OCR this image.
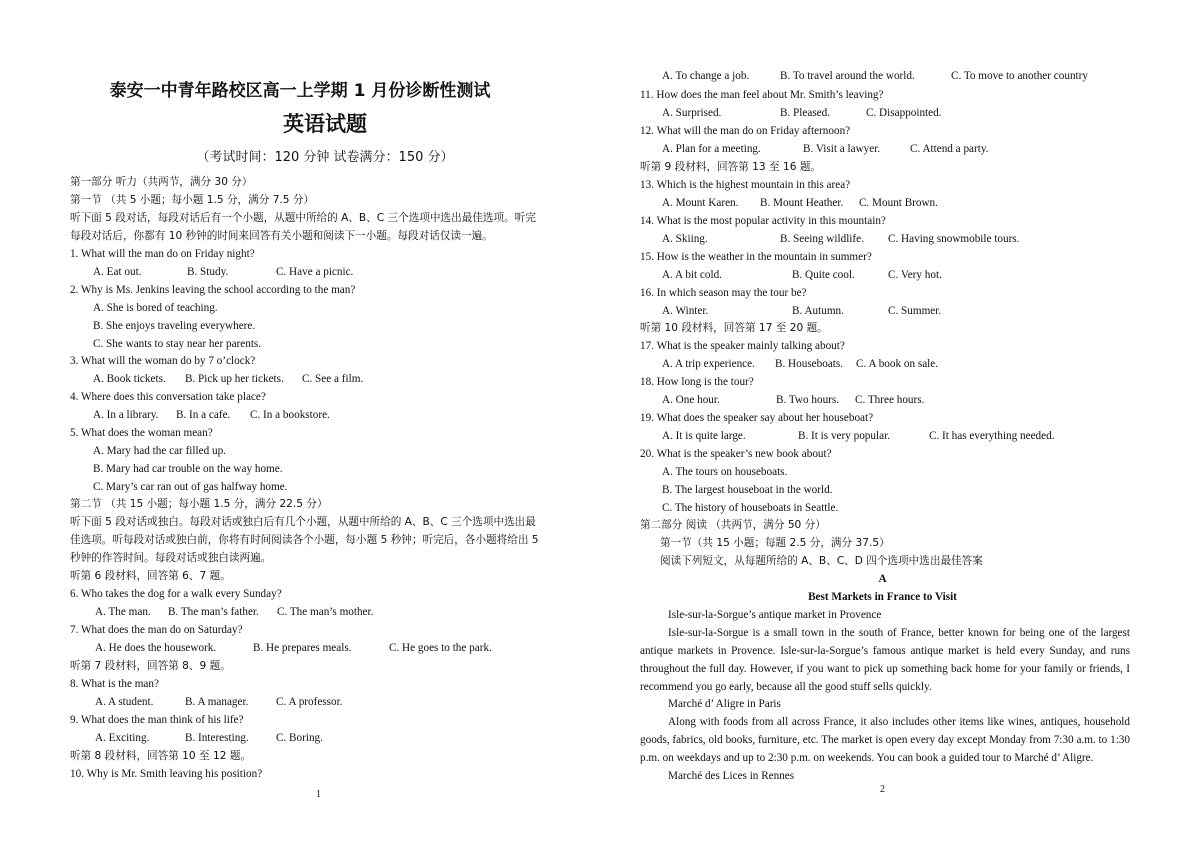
泰安一中青年路校区高一上学期 1 月份诊断性测试
英语试题
（考试时间：120 分钟 试卷满分：150 分）
第一部分 听力（共两节，满分 30 分）
第一节 （共 5 小题；每小题 1.5 分，满分 7.5 分）
听下面 5 段对话，每段对话后有一个小题，从题中所给的 A、B、C 三个选项中选出最佳选项。听完
每段对话后，你都有 10 秒钟的时间来回答有关小题和阅读下一小题。每段对话仅读一遍。
1. What will the man do on Friday night?
A. Eat out.	B. Study.	C. Have a picnic.
2. Why is Ms. Jenkins leaving the school according to the man?
A. She is bored of teaching.
B. She enjoys traveling everywhere.
C. She wants to stay near her parents.
3. What will the woman do by 7 o’clock?
A. Book tickets. B. Pick up her tickets. C. See a film.
4. Where does this conversation take place?
A. In a library. B. In a cafe. C. In a bookstore.
5. What does the woman mean?
A. Mary had the car filled up.
B. Mary had car trouble on the way home.
C. Mary’s car ran out of gas halfway home.
第二节 （共 15 小题；每小题 1.5 分，满分 22.5 分）
听下面 5 段对话或独白。每段对话或独白后有几个小题，从题中所给的 A、B、C 三个选项中选出最
佳选项。听每段对话或独白前，你将有时间阅读各个小题，每小题 5 秒钟；听完后，各小题将给出 5
秒钟的作答时间。每段对话或独白读两遍。
听第 6 段材料，回答第 6、7 题。
6. Who takes the dog for a walk every Sunday?
A. The man. B. The man’s father. C. The man’s mother.
7. What does the man do on Saturday?
A. He does the housework.	B. He prepares meals.	C. He goes to the park.
听第 7 段材料，回答第 8、9 题。
8. What is the man?
A. A student.	B. A manager. C. A professor.
9. What does the man think of his life?
A. Exciting.	B. Interesting. C. Boring.
听第 8 段材料，回答第 10 至 12 题。
10. Why is Mr. Smith leaving his position?
1
A. To change a job.	B. To travel around the world.	C. To move to another country
11. How does the man feel about Mr. Smith’s leaving?
A. Surprised.	B. Pleased.	C. Disappointed.
12. What will the man do on Friday afternoon?
A. Plan for a meeting.	B. Visit a lawyer.	C. Attend a party.
听第 9 段材料，回答第 13 至 16 题。
13. Which is the highest mountain in this area?
A. Mount Karen. B. Mount Heather. C. Mount Brown.
14. What is the most popular activity in this mountain?
A. Skiing.	B. Seeing wildlife. C. Having snowmobile tours.
15. How is the weather in the mountain in summer?
A. A bit cold.	B. Quite cool.	C. Very hot.
16. In which season may the tour be?
A. Winter.	B. Autumn.	C. Summer.
听第 10 段材料，回答第 17 至 20 题。
17. What is the speaker mainly talking about?
A. A trip experience. B. Houseboats. C. A book on sale.
18. How long is the tour?
A. One hour.	B. Two hours. C. Three hours.
19. What does the speaker say about her houseboat?
A. It is quite large.	B. It is very popular.	C. It has everything needed.
20. What is the speaker’s new book about?
A. The tours on houseboats.
B. The largest houseboat in the world.
C. The history of houseboats in Seattle.
第二部分 阅读 （共两节，满分 50 分）
第一节（共 15 小题；每题 2.5 分，满分 37.5）
阅读下列短文，从每题所给的 A、B、C、D 四个选项中选出最佳答案
A
Best Markets in France to Visit
Isle-sur-la-Sorgue’s antique market in Provence
Isle-sur-la-Sorgue is a small town in the south of France, better known for being one of the largest
antique markets in Provence. Isle-sur-la-Sorgue’s famous antique market is held every Sunday, and runs
throughout the full day. However, if you want to pick up something back home for your family or friends, I
recommend you go early, because all the good stuff sells quickly.
Marché d’ Aligre in Paris
Along with foods from all across France, it also includes other items like wines, antiques, household
goods, fabrics, old books, furniture, etc. The market is open every day except Monday from 7:30 a.m. to 1:30
p.m. on weekdays and up to 2:30 p.m. on weekends. You can book a guided tour to Marché d’ Aligre.
Marché des Lices in Rennes
2
